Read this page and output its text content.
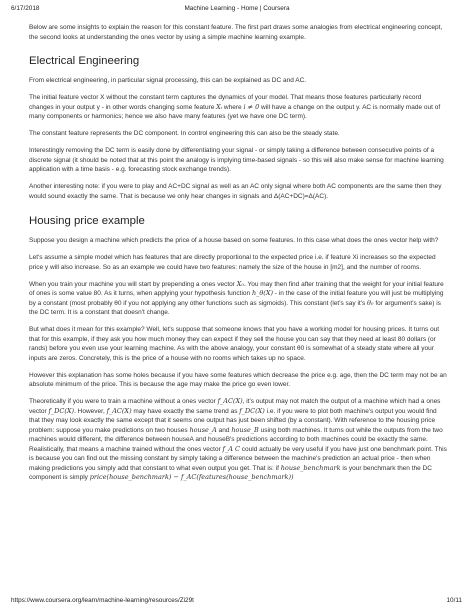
6/17/2018	Machine Learning - Home | Coursera

Below are some insights to explain the reason for this constant feature. The first part draws some analogies from electrical engineering concept, the second looks at understanding the ones vector by using a simple machine learning example.

Electrical Engineering

From electrical engineering, in particular signal processing, this can be explained as DC and AC.

The initial feature vector X without the constant term captures the dynamics of your model. That means those features particularly record changes in your output y - in other words changing some feature Xᵢ where i ≠ 0 will have a change on the output y. AC is normally made out of many components or harmonics; hence we also have many features (yet we have one DC term).

The constant feature represents the DC component. In control engineering this can also be the steady state.

Interestingly removing the DC term is easily done by differentiating your signal - or simply taking a difference between consecutive points of a discrete signal (it should be noted that at this point the analogy is implying time-based signals - so this will also make sense for machine learning application with a time basis - e.g. forecasting stock exchange trends).

Another interesting note: if you were to play and AC+DC signal as well as an AC only signal where both AC components are the same then they would sound exactly the same. That is because we only hear changes in signals and Δ(AC+DC)=Δ(AC).

Housing price example

Suppose you design a machine which predicts the price of a house based on some features. In this case what does the ones vector help with?

Let's assume a simple model which has features that are directly proportional to the expected price i.e. if feature Xi increases so the expected price y will also increase. So as an example we could have two features: namely the size of the house in [m2], and the number of rooms.

When you train your machine you will start by prepending a ones vector X₀. You may then find after training that the weight for your initial feature of ones is some value 80. As it turns, when applying your hypothesis function h_θ(X) - in the case of the initial feature you will just be multiplying by a constant (most probably θ0 if you not applying any other functions such as sigmoids). This constant (let's say it's θ₀ for argument's sake) is the DC term. It is a constant that doesn't change.

But what does it mean for this example? Well, let's suppose that someone knows that you have a working model for housing prices. It turns out that for this example, if they ask you how much money they can expect if they sell the house you can say that they need at least 80 dollars (or rands) before you even use your learning machine. As with the above analogy, your constant θ0 is somewhat of a steady state where all your inputs are zeros. Concretely, this is the price of a house with no rooms which takes up no space.

However this explanation has some holes because if you have some features which decrease the price e.g. age, then the DC term may not be an absolute minimum of the price. This is because the age may make the price go even lower.

Theoretically if you were to train a machine without a ones vector f_AC(X), it's output may not match the output of a machine which had a ones vector f_DC(X). However, f_AC(X) may have exactly the same trend as f_DC(X) i.e. if you were to plot both machine's output you would find that they may look exactly the same except that it seems one output has just been shifted (by a constant). With reference to the housing price problem: suppose you make predictions on two houses house_A and house_B using both machines. It turns out while the outputs from the two machines would different, the difference between houseA and houseB's predictions according to both machines could be exactly the same. Realistically, that means a machine trained without the ones vector f_A C could actually be very useful if you have just one benchmark point. This is because you can find out the missing constant by simply taking a difference between the machine's prediction an actual price - then when making predictions you simply add that constant to what even output you get. That is: if house_benchmark is your benchmark then the DC component is simply price(house_benchmark) − f_AC(features(house_benchmark))

https://www.coursera.org/learn/machine-learning/resources/Zi29t	10/11
